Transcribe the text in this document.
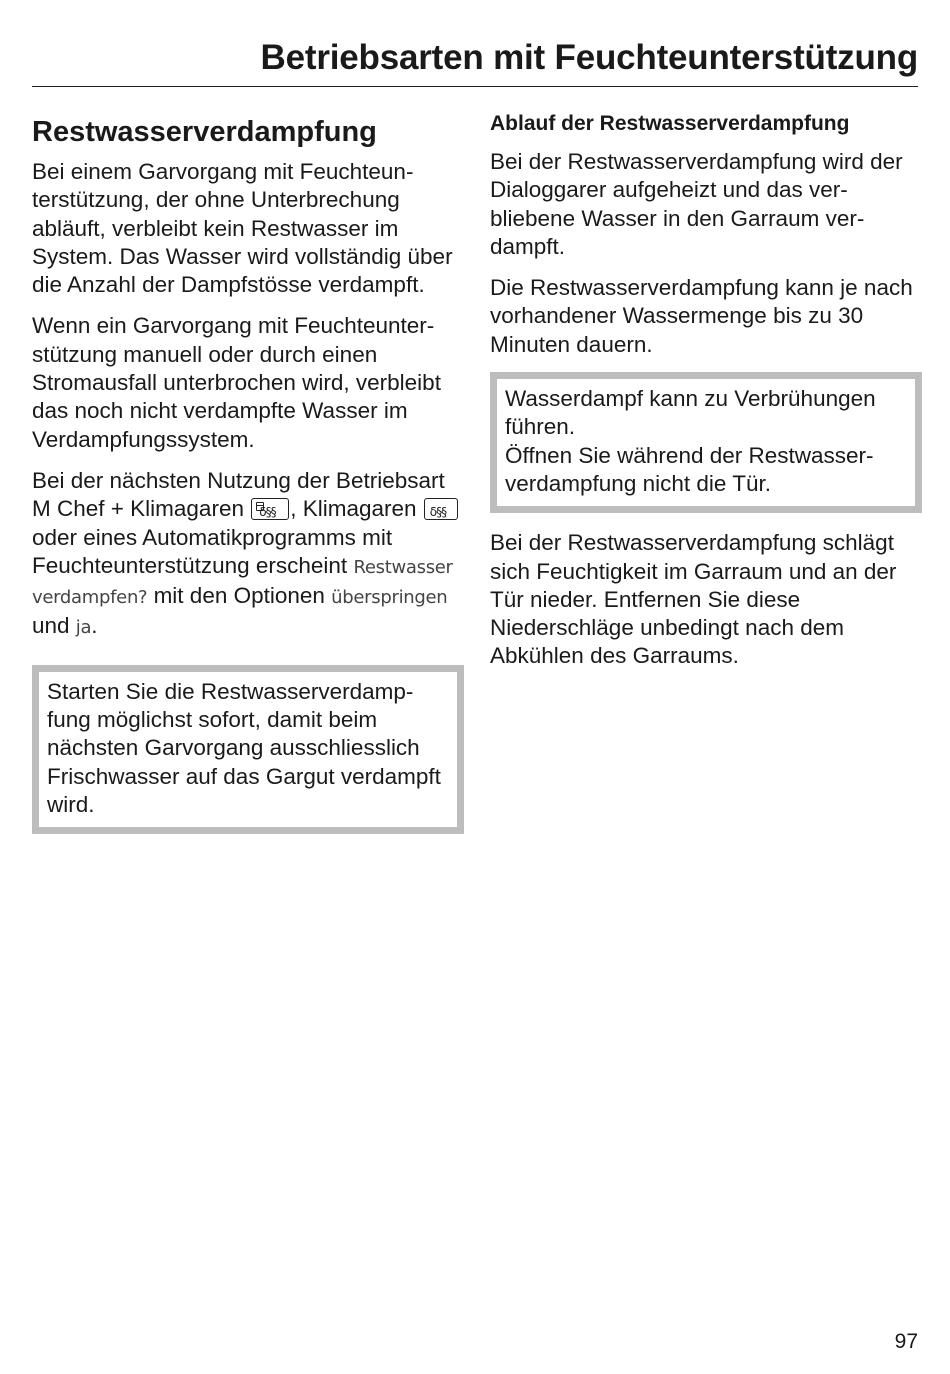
Betriebsarten mit Feuchteunterstützung
Restwasserverdampfung

Bei einem Garvorgang mit Feuchteunterstützung, der ohne Unterbrechung abläuft, verbleibt kein Restwasser im System. Das Wasser wird vollständig über die Anzahl der Dampfstösse verdampft.

Wenn ein Garvorgang mit Feuchteunterstützung manuell oder durch einen Stromausfall unterbrochen wird, verbleibt das noch nicht verdampfte Wasser im Verdampfungssystem.

Bei der nächsten Nutzung der Betriebsart M Chef + Klimagaren δ§§ , Klimagaren δ§§
oder eines Automatikprogramms mit Feuchteunterstützung erscheint Restwasser verdampfen? mit den Optionen überspringen und ja.

Starten Sie die Restwasserverdampfung möglichst sofort, damit beim nächsten Garvorgang ausschliesslich Frischwasser auf das Gargut verdampft wird.

Ablauf der Restwasserverdampfung

Bei der Restwasserverdampfung wird der Dialoggarer aufgeheizt und das verbliebene Wasser in den Garraum verdampft.

Die Restwasserverdampfung kann je nach vorhandener Wassermenge bis zu 30 Minuten dauern.

Wasserdampf kann zu Verbrühungen führen.

Öffnen Sie während der Restwasserverdampfung nicht die Tür.

Bei der Restwasserverdampfung schlägt sich Feuchtigkeit im Garraum und an der Tür nieder. Entfernen Sie diese Niederschläge unbedingt nach dem Abkühlen des Garraums.

97
